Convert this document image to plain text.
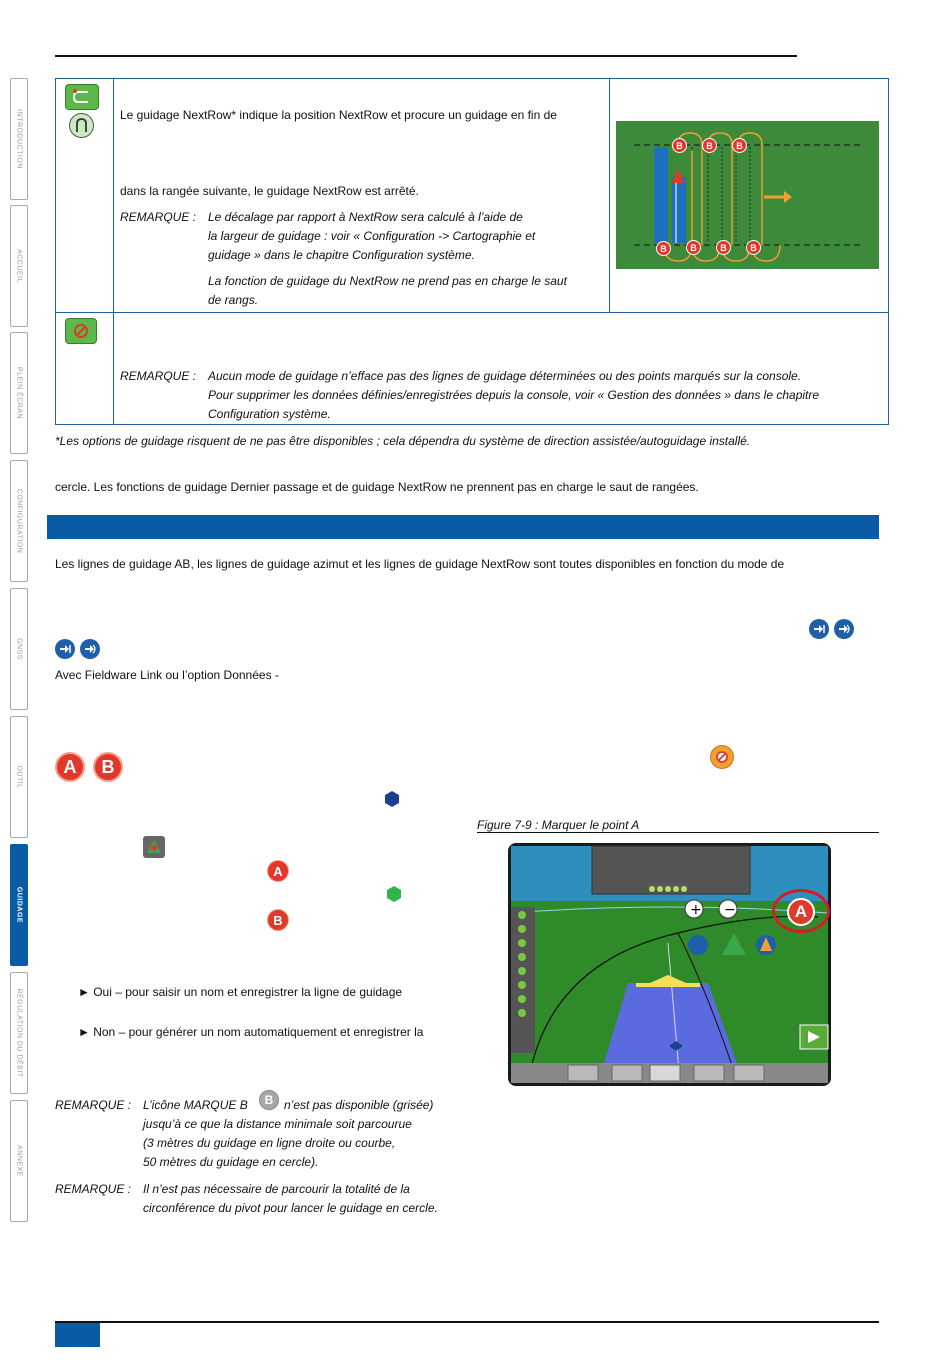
INTRODUCTION
ACCUEIL
PLEIN ÉCRAN
CONFIGURATION
GNSS
OUTIL
GUIDAGE
RÉGULATION DU DÉBIT
ANNEXE
Le guidage NextRow* indique la position NextRow et procure un guidage en fin de
dans la rangée suivante, le guidage NextRow est arrêté.
REMARQUE : Le décalage par rapport à NextRow sera calculé à l’aide de
la largeur de guidage : voir « Configuration -> Cartographie et
guidage » dans le chapitre Configuration système.
La fonction de guidage du NextRow ne prend pas en charge le saut
de rangs.
B	B	B
B	B	B	B
REMARQUE : Aucun mode de guidage n’efface pas des lignes de guidage déterminées ou des points marqués sur la console.
Pour supprimer les données définies/enregistrées depuis la console, voir « Gestion des données » dans le chapitre
Configuration système.
*Les options de guidage risquent de ne pas être disponibles ; cela dépendra du système de direction assistée/autoguidage installé.
cercle. Les fonctions de guidage Dernier passage et de guidage NextRow ne prennent pas en charge le saut de rangées.
Les lignes de guidage AB, les lignes de guidage azimut et les lignes de guidage NextRow sont toutes disponibles en fonction du mode de
Avec Fieldware Link ou l’option Données -
A	B
A
B
► Oui – pour saisir un nom et enregistrer la ligne de guidage
► Non – pour générer un nom automatiquement et enregistrer la
REMARQUE : L’icône MARQUE B	B n’est pas disponible (grisée)
jusqu’à ce que la distance minimale soit parcourue
(3 mètres du guidage en ligne droite ou courbe,
50 mètres du guidage en cercle).
REMARQUE : Il n’est pas nécessaire de parcourir la totalité de la
circonférence du pivot pour lancer le guidage en cercle.
Figure 7-9 : Marquer le point A
+ −	A
